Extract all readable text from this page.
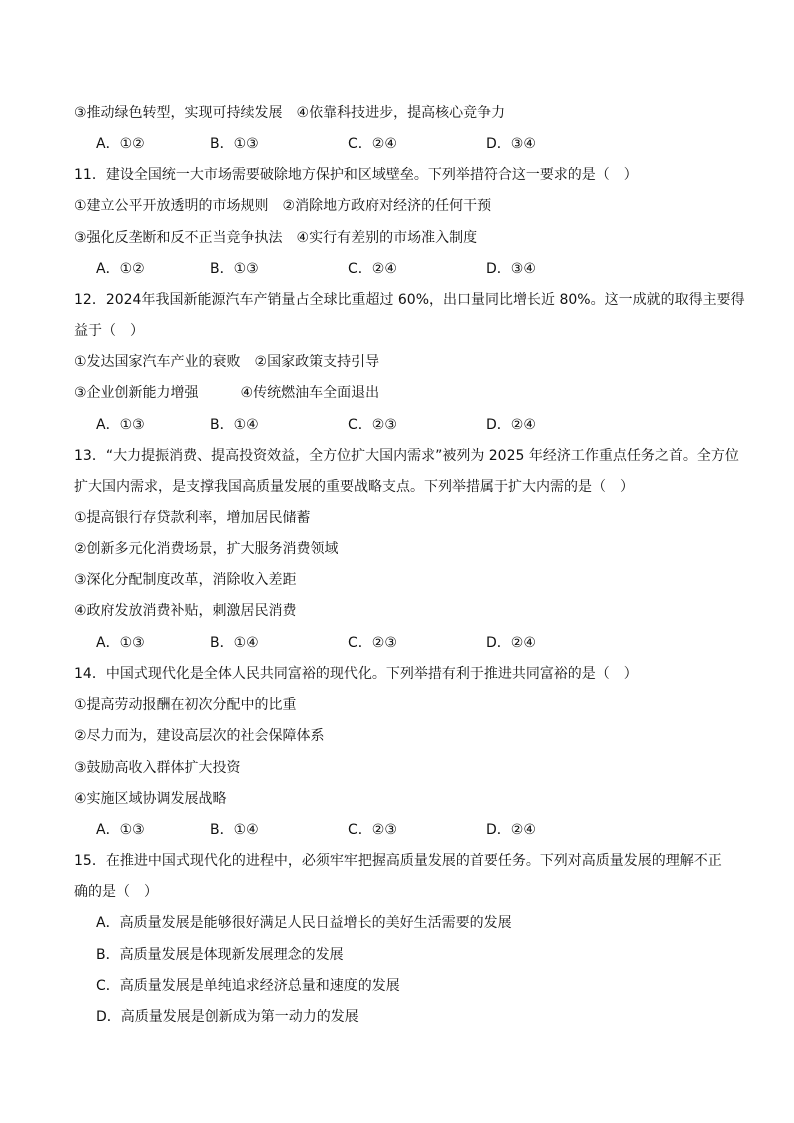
③推动绿色转型，实现可持续发展　④依靠科技进步，提高核心竞争力
A．①②	B．①③	C．②④	D．③④
11．建设全国统一大市场需要破除地方保护和区域壁垒。下列举措符合这一要求的是（　）
①建立公平开放透明的市场规则　②消除地方政府对经济的任何干预
③强化反垄断和反不正当竞争执法　④实行有差别的市场准入制度
A．①②	B．①③	C．②④	D．③④
12．2024年我国新能源汽车产销量占全球比重超过 60%，出口量同比增长近 80%。这一成就的取得主要得
益于（　）
①发达国家汽车产业的衰败　②国家政策支持引导
③企业创新能力增强　　　④传统燃油车全面退出
A．①③	B．①④	C．②③	D．②④
13．“大力提振消费、提高投资效益，全方位扩大国内需求”被列为 2025 年经济工作重点任务之首。全方位
扩大国内需求，是支撑我国高质量发展的重要战略支点。下列举措属于扩大内需的是（　）
①提高银行存贷款利率，增加居民储蓄
②创新多元化消费场景，扩大服务消费领域
③深化分配制度改革，消除收入差距
④政府发放消费补贴，刺激居民消费
A．①③	B．①④	C．②③	D．②④
14．中国式现代化是全体人民共同富裕的现代化。下列举措有利于推进共同富裕的是（　）
①提高劳动报酬在初次分配中的比重
②尽力而为，建设高层次的社会保障体系
③鼓励高收入群体扩大投资
④实施区域协调发展战略
A．①③	B．①④	C．②③	D．②④
15．在推进中国式现代化的进程中，必须牢牢把握高质量发展的首要任务。下列对高质量发展的理解不正
确的是（　）
A．高质量发展是能够很好满足人民日益增长的美好生活需要的发展
B．高质量发展是体现新发展理念的发展
C．高质量发展是单纯追求经济总量和速度的发展
D．高质量发展是创新成为第一动力的发展
